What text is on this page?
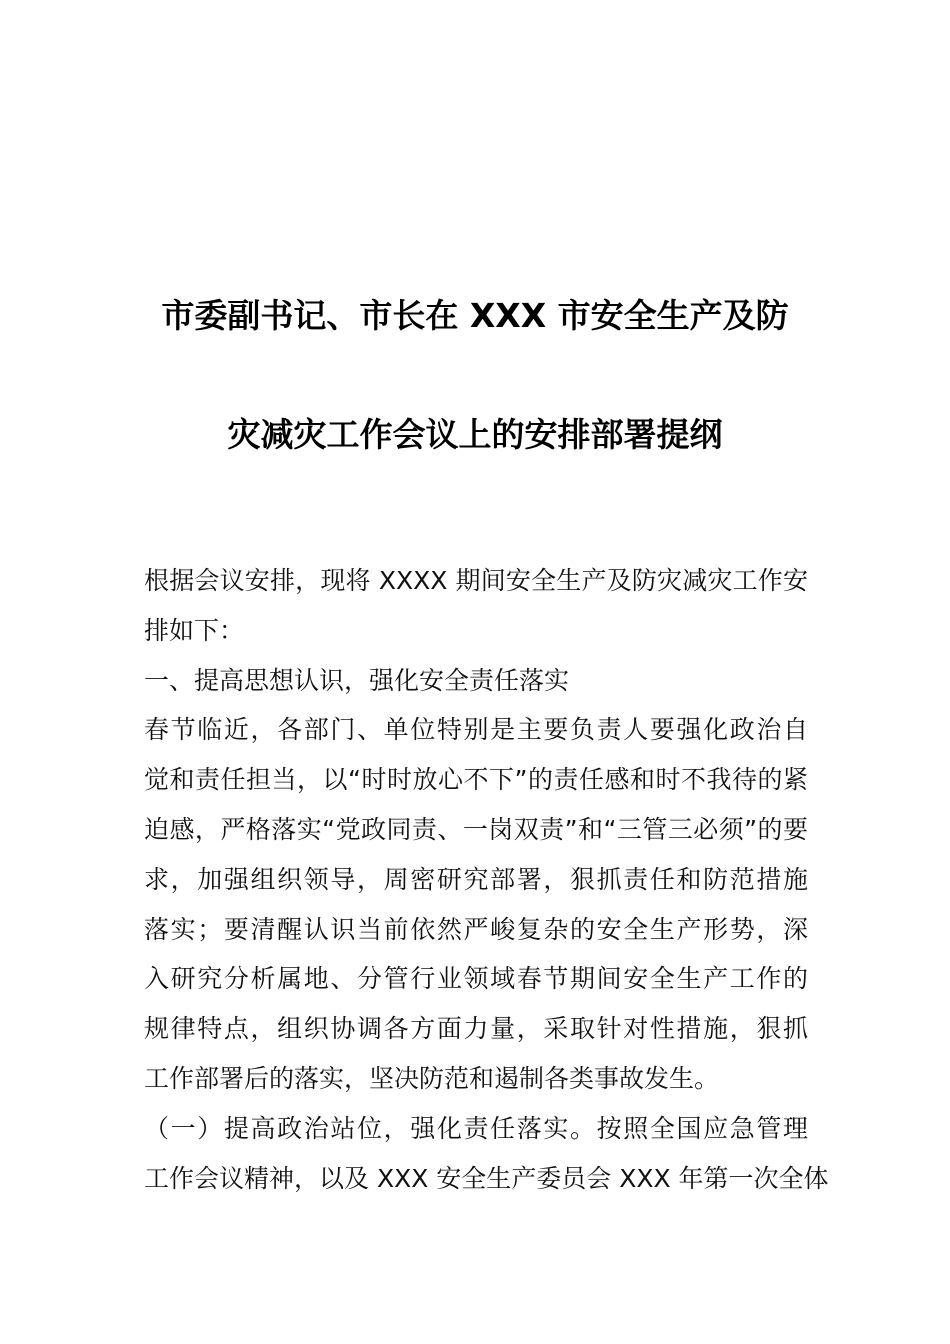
市委副书记、市长在 XXX 市安全生产及防
灾减灾工作会议上的安排部署提纲
根据会议安排，现将 XXXX 期间安全生产及防灾减灾工作安
排如下：
一、提高思想认识，强化安全责任落实
春节临近，各部门、单位特别是主要负责人要强化政治自
觉和责任担当，以“时时放心不下”的责任感和时不我待的紧
迫感，严格落实“党政同责、一岗双责”和“三管三必须”的要
求，加强组织领导，周密研究部署，狠抓责任和防范措施
落实；要清醒认识当前依然严峻复杂的安全生产形势，深
入研究分析属地、分管行业领域春节期间安全生产工作的
规律特点，组织协调各方面力量，采取针对性措施，狠抓
工作部署后的落实，坚决防范和遏制各类事故发生。
（一）提高政治站位，强化责任落实。按照全国应急管理
工作会议精神，以及 XXX 安全生产委员会 XXX 年第一次全体
